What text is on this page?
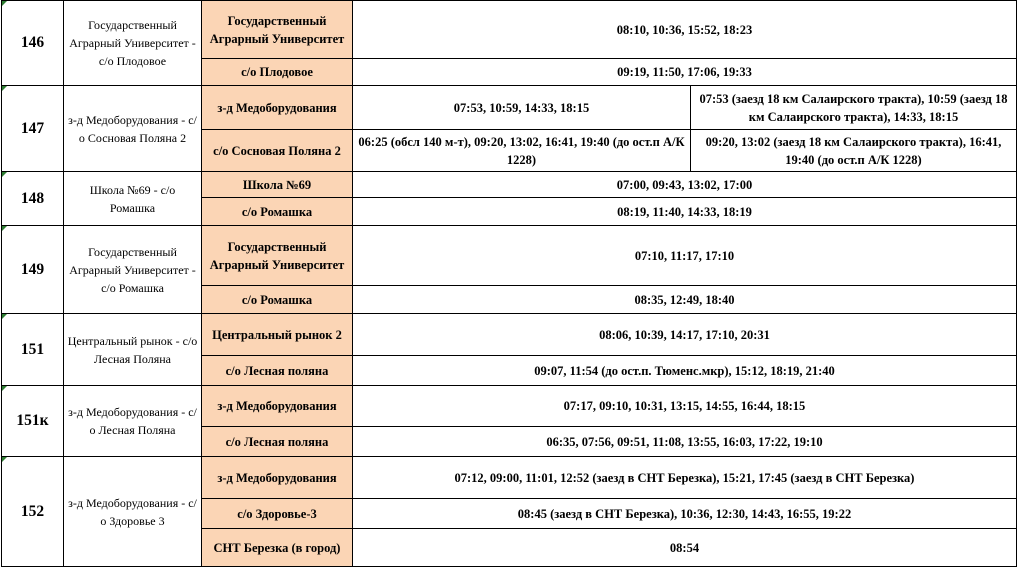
146	Государственный Аграрный Университет - с/о Плодовое	Государственный Аграрный Университет	08:10, 10:36, 15:52, 18:23	
		с/о Плодовое	09:19, 11:50, 17:06, 19:33	
147	з-д Медоборудования - с/о Сосновая Поляна 2	з-д Медоборудования	07:53, 10:59, 14:33, 18:15	07:53 (заезд 18 км Салаирского тракта), 10:59 (заезд 18 км Салаирского тракта), 14:33, 18:15
		с/о Сосновая Поляна 2	06:25 (обсл 140 м-т), 09:20, 13:02, 16:41, 19:40 (до ост.п А/К 1228)	09:20, 13:02 (заезд 18 км Салаирского тракта), 16:41, 19:40 (до ост.п А/К 1228)
148	Школа №69 - с/о Ромашка	Школа №69	07:00, 09:43, 13:02, 17:00	
		с/о Ромашка	08:19, 11:40, 14:33, 18:19	
149	Государственный Аграрный Университет - с/о Ромашка	Государственный Аграрный Университет	07:10, 11:17, 17:10	
		с/о Ромашка	08:35, 12:49, 18:40	
151	Центральный рынок - с/о Лесная Поляна	Центральный рынок 2	08:06, 10:39, 14:17, 17:10, 20:31	
		с/о Лесная поляна	09:07, 11:54 (до ост.п. Тюменс.мкр), 15:12, 18:19, 21:40	
151к	з-д Медоборудования - с/о Лесная Поляна	з-д Медоборудования	07:17, 09:10, 10:31, 13:15, 14:55, 16:44, 18:15	
		с/о Лесная поляна	06:35, 07:56, 09:51, 11:08, 13:55, 16:03, 17:22, 19:10	
152	з-д Медоборудования - с/о Здоровье 3	з-д Медоборудования	07:12, 09:00, 11:01, 12:52 (заезд в СНТ Березка), 15:21, 17:45 (заезд в СНТ Березка)	
		с/о Здоровье-3	08:45 (заезд в СНТ Березка), 10:36, 12:30, 14:43, 16:55, 19:22	
		СНТ Березка (в город)	08:54	
